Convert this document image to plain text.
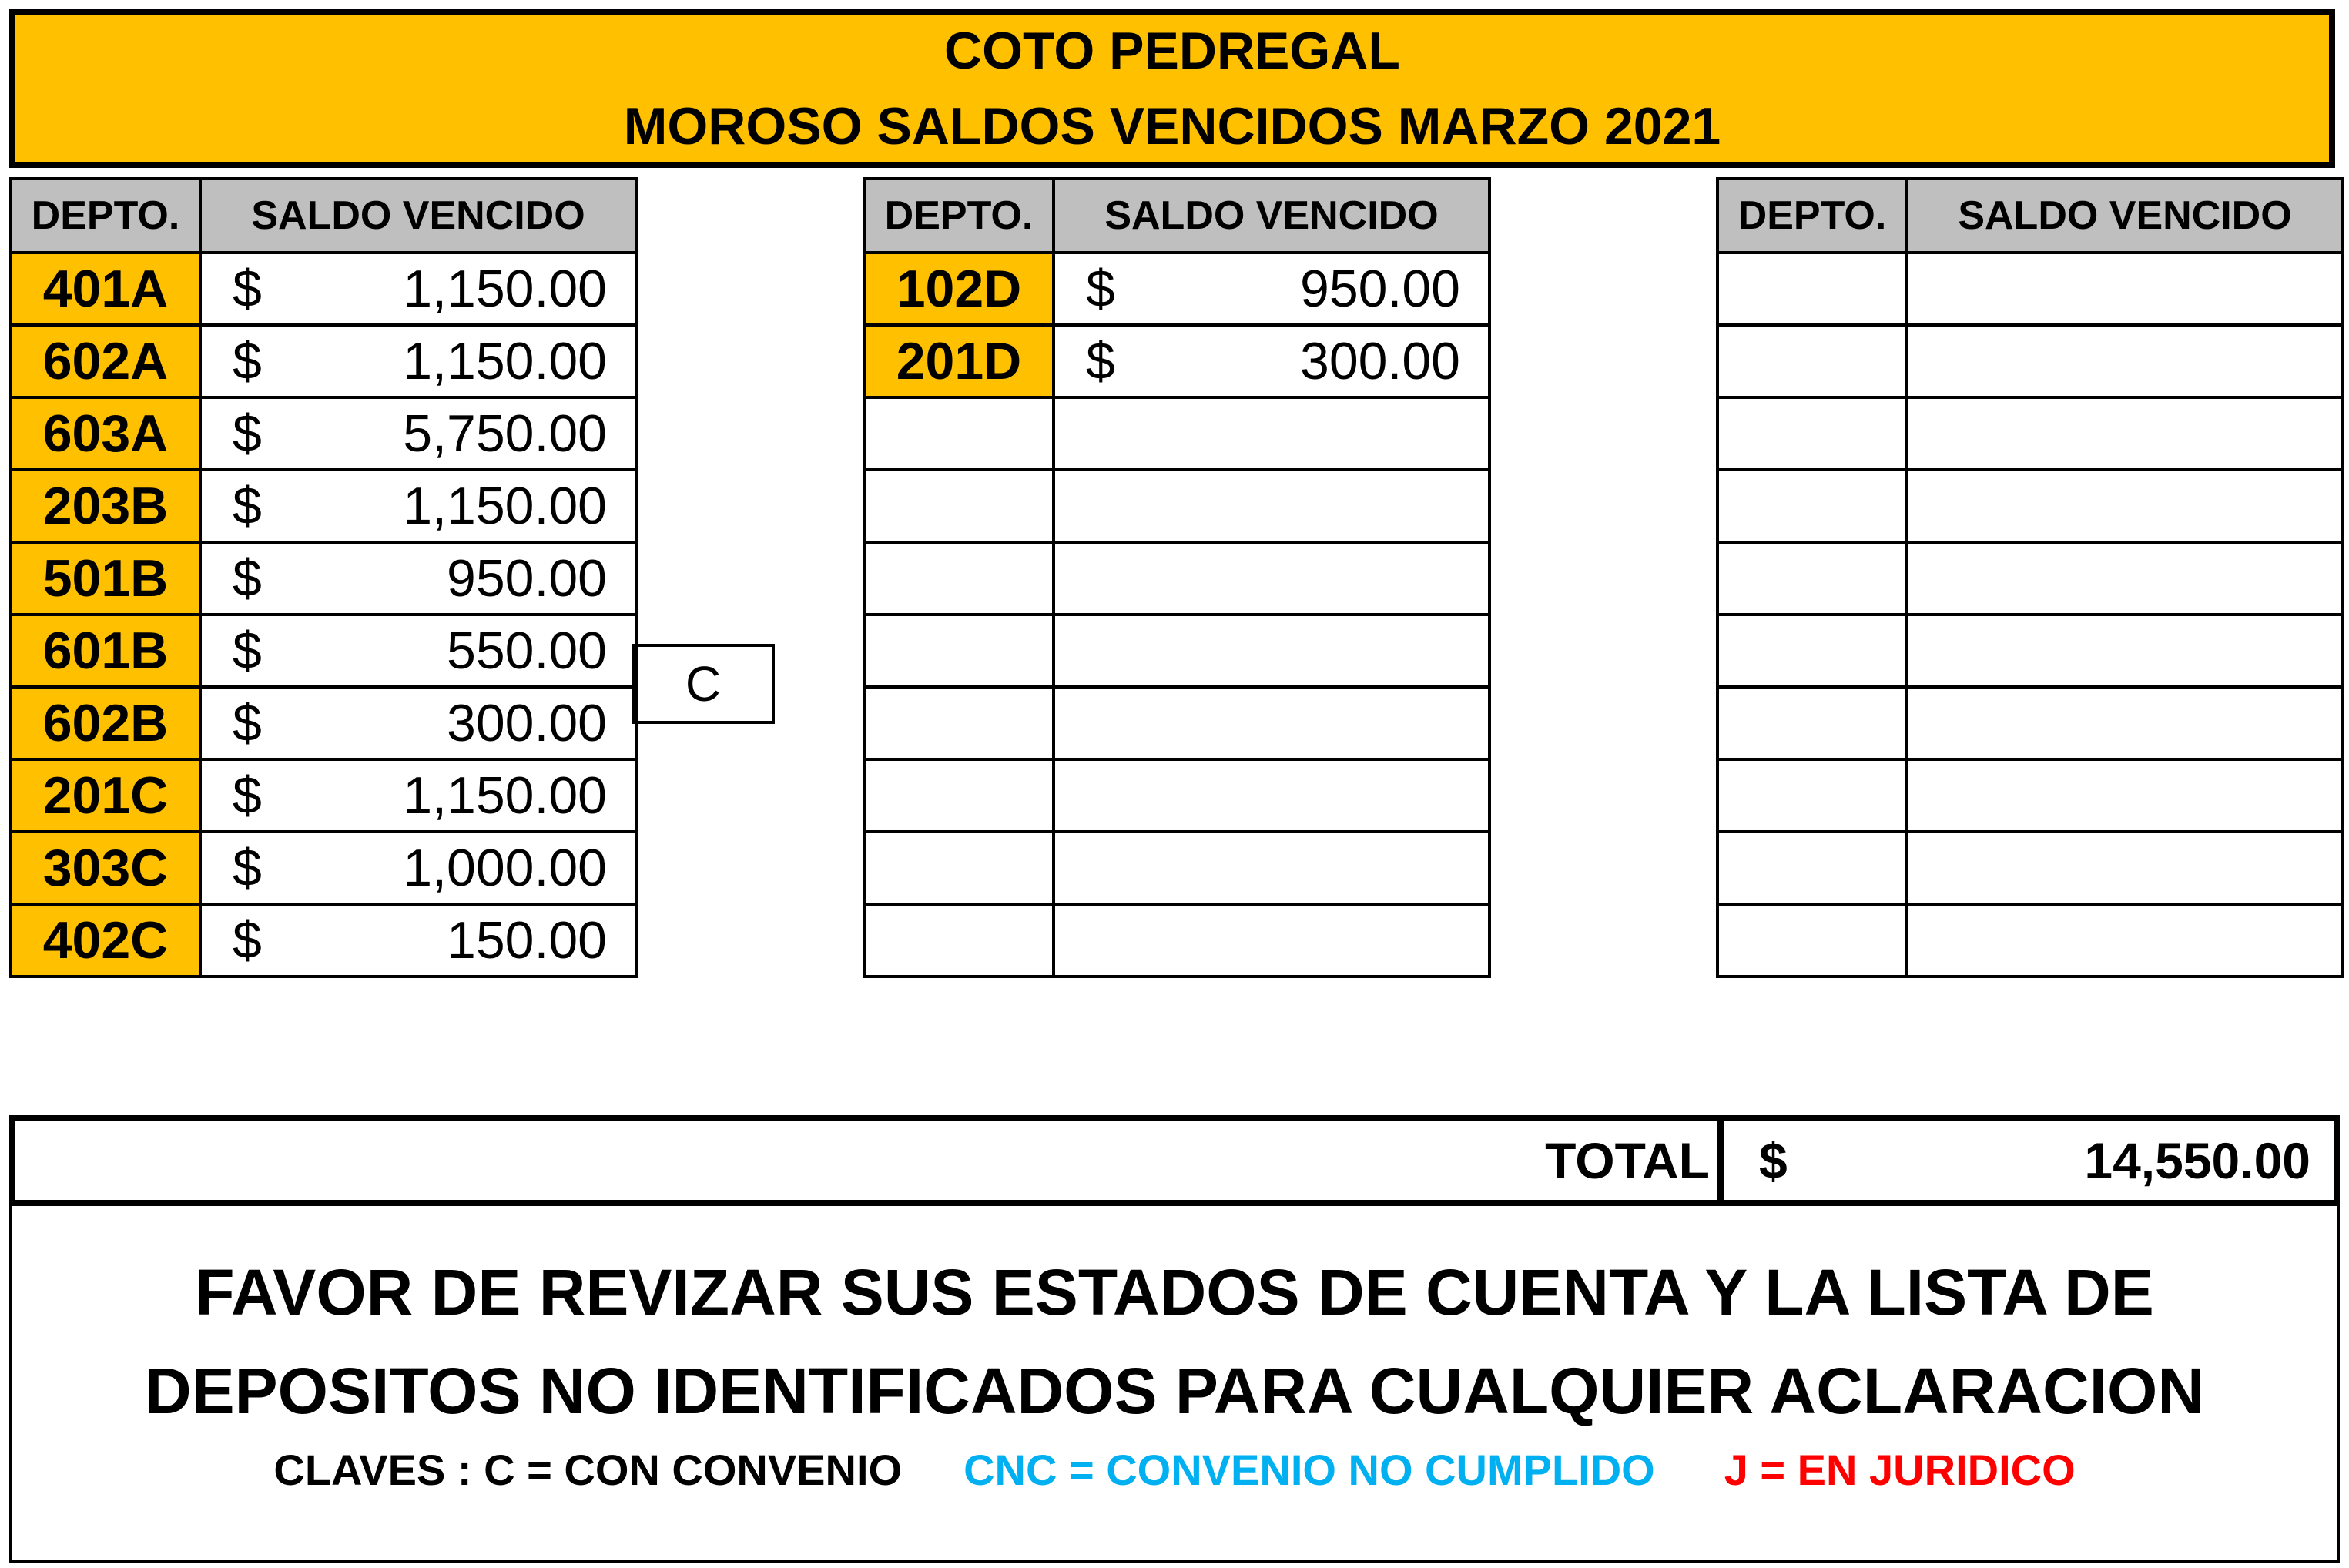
COTO PEDREGAL
MOROSO SALDOS VENCIDOS MARZO 2021
DEPTO.	SALDO VENCIDO
401A	$ 1,150.00

602A	$ 1,150.00

603A	$ 5,750.00

203B	$ 1,150.00

501B	$ 950.00

601B	$ 550.00

602B	$ 300.00

201C	$ 1,150.00

303C	$ 1,000.00

402C	$ 150.00
C
DEPTO.	SALDO VENCIDO
102D	$ 950.00

201D	$ 300.00

DEPTO.	SALDO VENCIDO

TOTAL $	14,550.00
FAVOR DE REVIZAR SUS ESTADOS DE CUENTA Y LA LISTA DE
DEPOSITOS NO IDENTIFICADOS PARA CUALQUIER ACLARACION
CLAVES : C = CON CONVENIO CNC = CONVENIO NO CUMPLIDO J = EN JURIDICO
